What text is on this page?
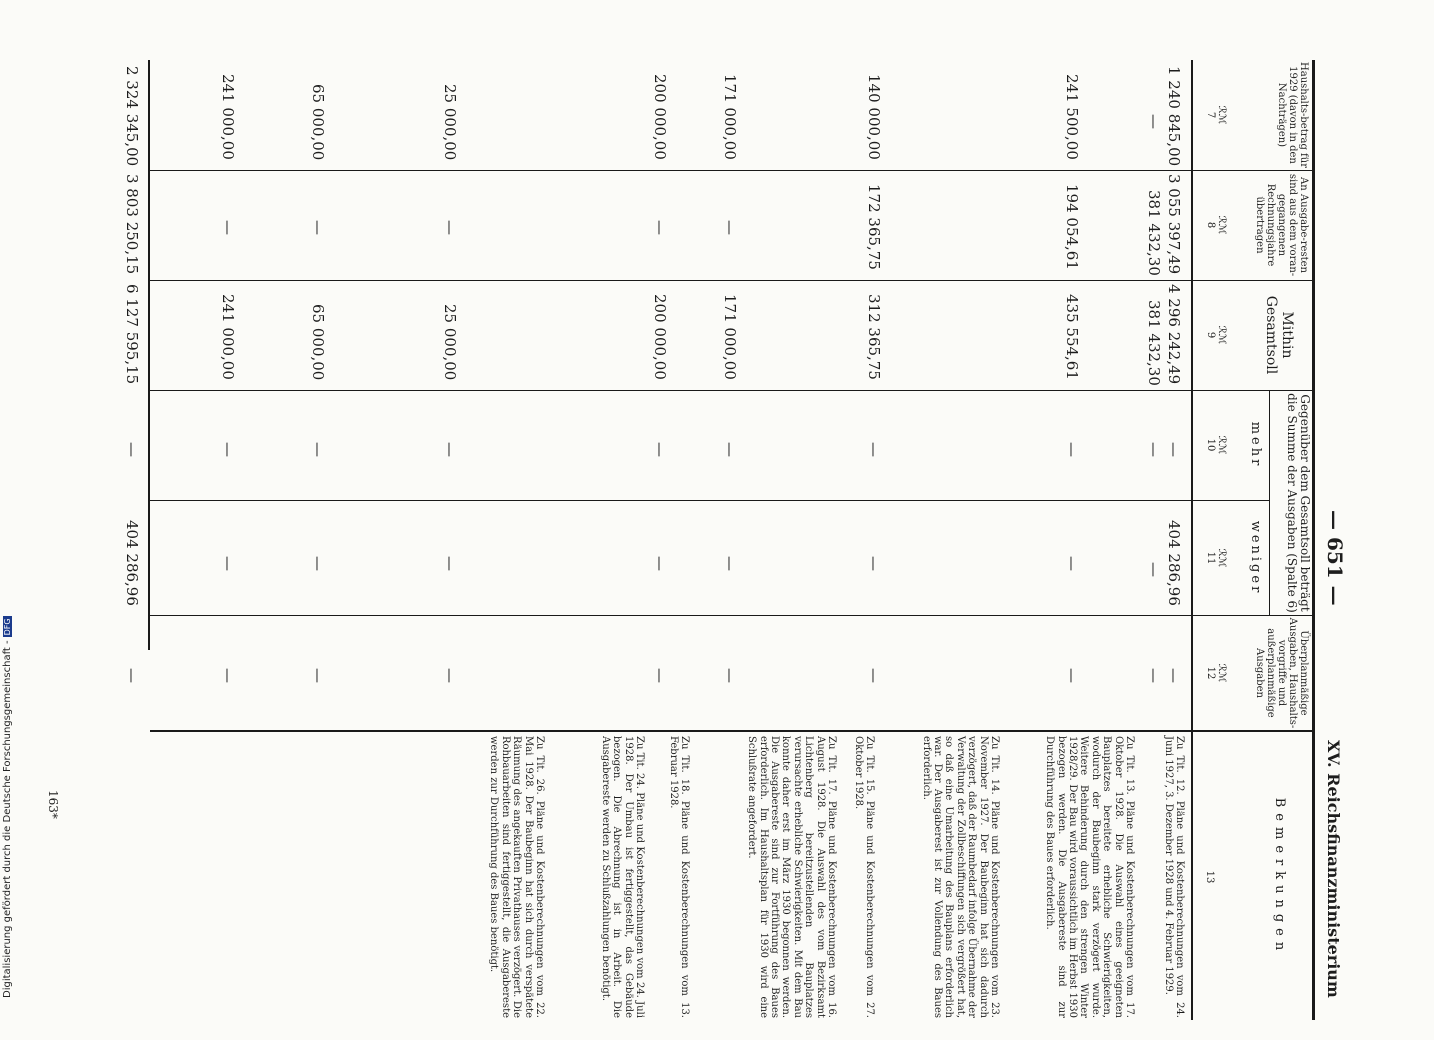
Digitalisierung gefördert durch die Deutsche Forschungsgemeinschaft -DFG
163*
— 651 —
XV. Reichsfinanzministerium
Haushalts-betrag für 1929 (davon in den Nachträgen)
An Ausgabe-resten sind aus dem voran-gegangenen Rechnungsjahre übertragen
Mithin Gesamtsoll
Gegenüber dem Gesamtsoll beträgt die Summe der Ausgaben (Spalte 6)
mehr
weniger
Überplanmäßige Ausgaben, Haushalts-vorgriffe und außerplanmäßige Ausgaben
Bemerkungen
ℛℳ
7
ℛℳ
8
ℛℳ
9
ℛℳ
10
ℛℳ
11
ℛℳ
12
13
1 240 845,00
—
3 055 397,49
381 432,30
4 296 242,49
381 432,30
—
—
404 286,96
—
—
—
241 500,00
194 054,61
435 554,61
—
—
—
140 000,00
172 365,75
312 365,75
—
—
—
171 000,00
—
171 000,00
—
—
—
200 000,00
—
200 000,00
—
—
—
25 000,00
—
25 000,00
—
—
—
65 000,00
—
65 000,00
—
—
—
241 000,00
—
241 000,00
—
—
—
2 324 345,00
3 803 250,15
6 127 595,15
—
404 286,96
—
Zu Tit. 12. Pläne und Kostenberechnungen vom 24. Juni 1927, 3. Dezember 1928 und 4. Februar 1929.
Zu Tit. 13. Pläne und Kostenberechnungen vom 17. Oktober 1928. Die Auswahl eines geeigneten Bauplatzes bereitete erhebliche Schwierigkeiten, wodurch der Baubeginn stark verzögert wurde. Weitere Behinderung durch den strengen Winter 1928/29. Der Bau wird voraussichtlich im Herbst 1930 bezogen werden. Die Ausgabereste sind zur Durchführung des Baues erforderlich.
Zu Tit. 14. Pläne und Kostenberechnungen vom 23. November 1927. Der Baubeginn hat sich dadurch verzögert, daß der Raumbedarf infolge Übernahme der Verwaltung der Zollbeschiffungen sich vergrößert hat, so daß eine Umarbeitung des Bauplans erforderlich war. Der Ausgaberest ist zur Vollendung des Baues erforderlich.
Zu Tit. 15. Pläne und Kostenberechnungen vom 27. Oktober 1928.
Zu Tit. 17. Pläne und Kostenberechnungen vom 16. August 1928. Die Auswahl des vom Bezirksamt Lichtenberg bereitzustellenden Bauplatzes verursachte erhebliche Schwierigkeiten. Mit dem Bau konnte daher erst im März 1930 begonnen werden. Die Ausgabereste sind zur Fortführung des Baues erforderlich. Im Haushaltsplan für 1930 wird eine Schlußrate angefordert.
Zu Tit. 18. Pläne und Kostenberechnungen vom 13. Februar 1928.
Zu Tit. 24. Pläne und Kostenberechnungen vom 24. Juli 1928. Der Umbau ist fertiggestellt, das Gebäude bezogen. Die Abrechnung ist in Arbeit. Die Ausgabereste werden zu Schlußzahlungen benötigt.
Zu Tit. 26. Pläne und Kostenberechnungen vom 22. Mai 1928. Der Baubeginn hat sich durch verspätete Räumung des angekauften Privathauses verzögert. Die Rohbauarbeiten sind fertiggestellt, die Ausgabereste werden zur Durchführung des Baues benötigt.
